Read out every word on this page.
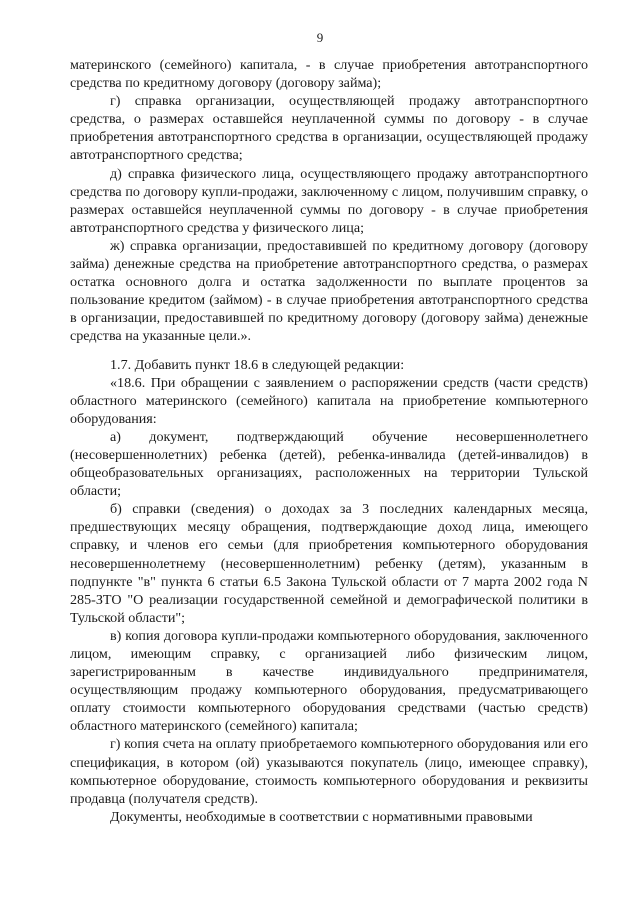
9

материнского (семейного) капитала, - в случае приобретения автотранспортного средства по кредитному договору (договору займа);

г) справка организации, осуществляющей продажу автотранспортного средства, о размерах оставшейся неуплаченной суммы по договору - в случае приобретения автотранспортного средства в организации, осуществляющей продажу автотранспортного средства;

д) справка физического лица, осуществляющего продажу автотранспортного средства по договору купли-продажи, заключенному с лицом, получившим справку, о размерах оставшейся неуплаченной суммы по договору - в случае приобретения автотранспортного средства у физического лица;

ж) справка организации, предоставившей по кредитному договору (договору займа) денежные средства на приобретение автотранспортного средства, о размерах остатка основного долга и остатка задолженности по выплате процентов за пользование кредитом (займом) - в случае приобретения автотранспортного средства в организации, предоставившей по кредитному договору (договору займа) денежные средства на указанные цели.».

1.7. Добавить пункт 18.6 в следующей редакции:

«18.6. При обращении с заявлением о распоряжении средств (части средств) областного материнского (семейного) капитала на приобретение компьютерного оборудования:

а) документ, подтверждающий обучение несовершеннолетнего (несовершеннолетних) ребенка (детей), ребенка-инвалида (детей-инвалидов) в общеобразовательных организациях, расположенных на территории Тульской области;

б) справки (сведения) о доходах за 3 последних календарных месяца, предшествующих месяцу обращения, подтверждающие доход лица, имеющего справку, и членов его семьи (для приобретения компьютерного оборудования несовершеннолетнему (несовершеннолетним) ребенку (детям), указанным в подпункте "в" пункта 6 статьи 6.5 Закона Тульской области от 7 марта 2002 года N 285-ЗТО "О реализации государственной семейной и демографической политики в Тульской области";

в) копия договора купли-продажи компьютерного оборудования, заключенного лицом, имеющим справку, с организацией либо физическим лицом, зарегистрированным в качестве индивидуального предпринимателя, осуществляющим продажу компьютерного оборудования, предусматривающего оплату стоимости компьютерного оборудования средствами (частью средств) областного материнского (семейного) капитала;

г) копия счета на оплату приобретаемого компьютерного оборудования или его спецификация, в котором (ой) указываются покупатель (лицо, имеющее справку), компьютерное оборудование, стоимость компьютерного оборудования и реквизиты продавца (получателя средств).

Документы, необходимые в соответствии с нормативными правовыми
